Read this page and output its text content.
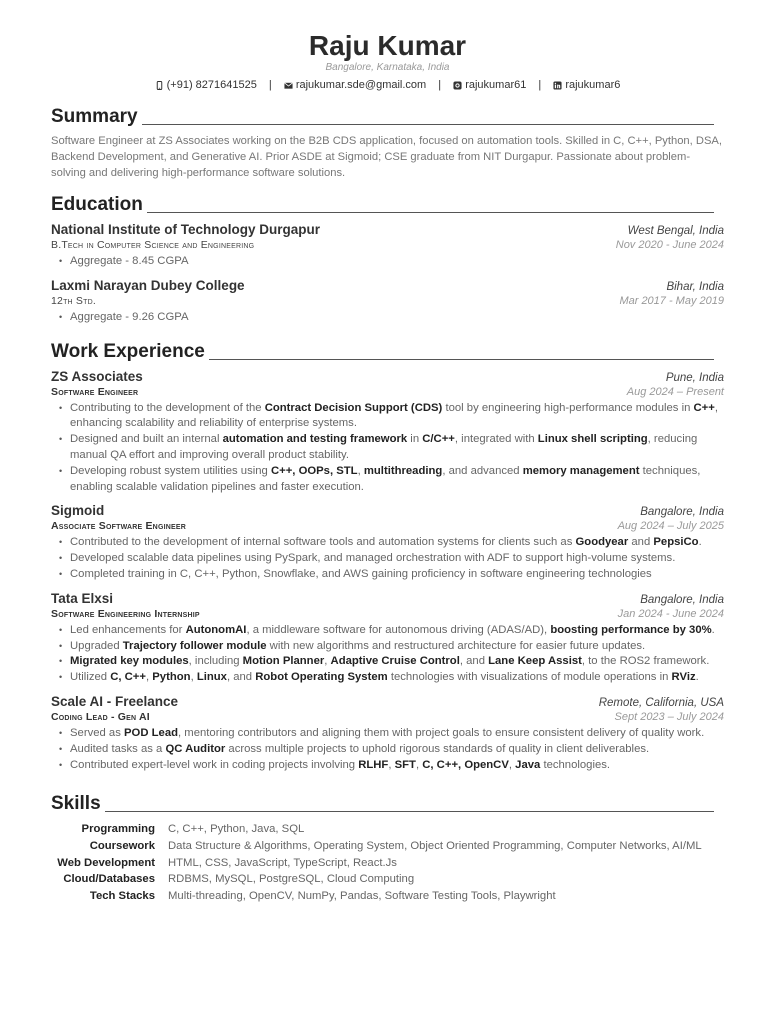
Raju Kumar
Bangalore, Karnataka, India
(+91) 8271641525 | rajukumar.sde@gmail.com | rajukumar61 | rajukumar6
Summary
Software Engineer at ZS Associates working on the B2B CDS application, focused on automation tools. Skilled in C, C++, Python, DSA, Backend Development, and Generative AI. Prior ASDE at Sigmoid; CSE graduate from NIT Durgapur. Passionate about problem-solving and delivering high-performance software solutions.
Education
National Institute of Technology Durgapur	West Bengal, India
B.Tech in Computer Science and Engineering	Nov 2020 - June 2024
• Aggregate - 8.45 CGPA
Laxmi Narayan Dubey College	Bihar, India
12th Std.	Mar 2017 - May 2019
• Aggregate - 9.26 CGPA
Work Experience
ZS Associates	Pune, India
Software Engineer	Aug 2024 – Present
• Contributing to the development of the Contract Decision Support (CDS) tool by engineering high-performance modules in C++, enhancing scalability and reliability of enterprise systems.
• Designed and built an internal automation and testing framework in C/C++, integrated with Linux shell scripting, reducing manual QA effort and improving overall product stability.
• Developing robust system utilities using C++, OOPs, STL, multithreading, and advanced memory management techniques, enabling scalable validation pipelines and faster execution.
Sigmoid	Bangalore, India
Associate Software Engineer	Aug 2024 – July 2025
• Contributed to the development of internal software tools and automation systems for clients such as Goodyear and PepsiCo.
• Developed scalable data pipelines using PySpark, and managed orchestration with ADF to support high-volume systems.
• Completed training in C, C++, Python, Snowflake, and AWS gaining proficiency in software engineering technologies
Tata Elxsi	Bangalore, India
Software Engineering Internship	Jan 2024 - June 2024
• Led enhancements for AutonomAI, a middleware software for autonomous driving (ADAS/AD), boosting performance by 30%.
• Upgraded Trajectory follower module with new algorithms and restructured architecture for easier future updates.
• Migrated key modules, including Motion Planner, Adaptive Cruise Control, and Lane Keep Assist, to the ROS2 framework.
• Utilized C, C++, Python, Linux, and Robot Operating System technologies with visualizations of module operations in RViz.
Scale AI - Freelance	Remote, California, USA
Coding Lead - Gen AI	Sept 2023 – July 2024
• Served as POD Lead, mentoring contributors and aligning them with project goals to ensure consistent delivery of quality work.
• Audited tasks as a QC Auditor across multiple projects to uphold rigorous standards of quality in client deliverables.
• Contributed expert-level work in coding projects involving RLHF, SFT, C, C++, OpenCV, Java technologies.
Skills
Programming C, C++, Python, Java, SQL
Coursework Data Structure & Algorithms, Operating System, Object Oriented Programming, Computer Networks, AI/ML
Web Development HTML, CSS, JavaScript, TypeScript, React.Js
Cloud/Databases RDBMS, MySQL, PostgreSQL, Cloud Computing
Tech Stacks Multi-threading, OpenCV, NumPy, Pandas, Software Testing Tools, Playwright
